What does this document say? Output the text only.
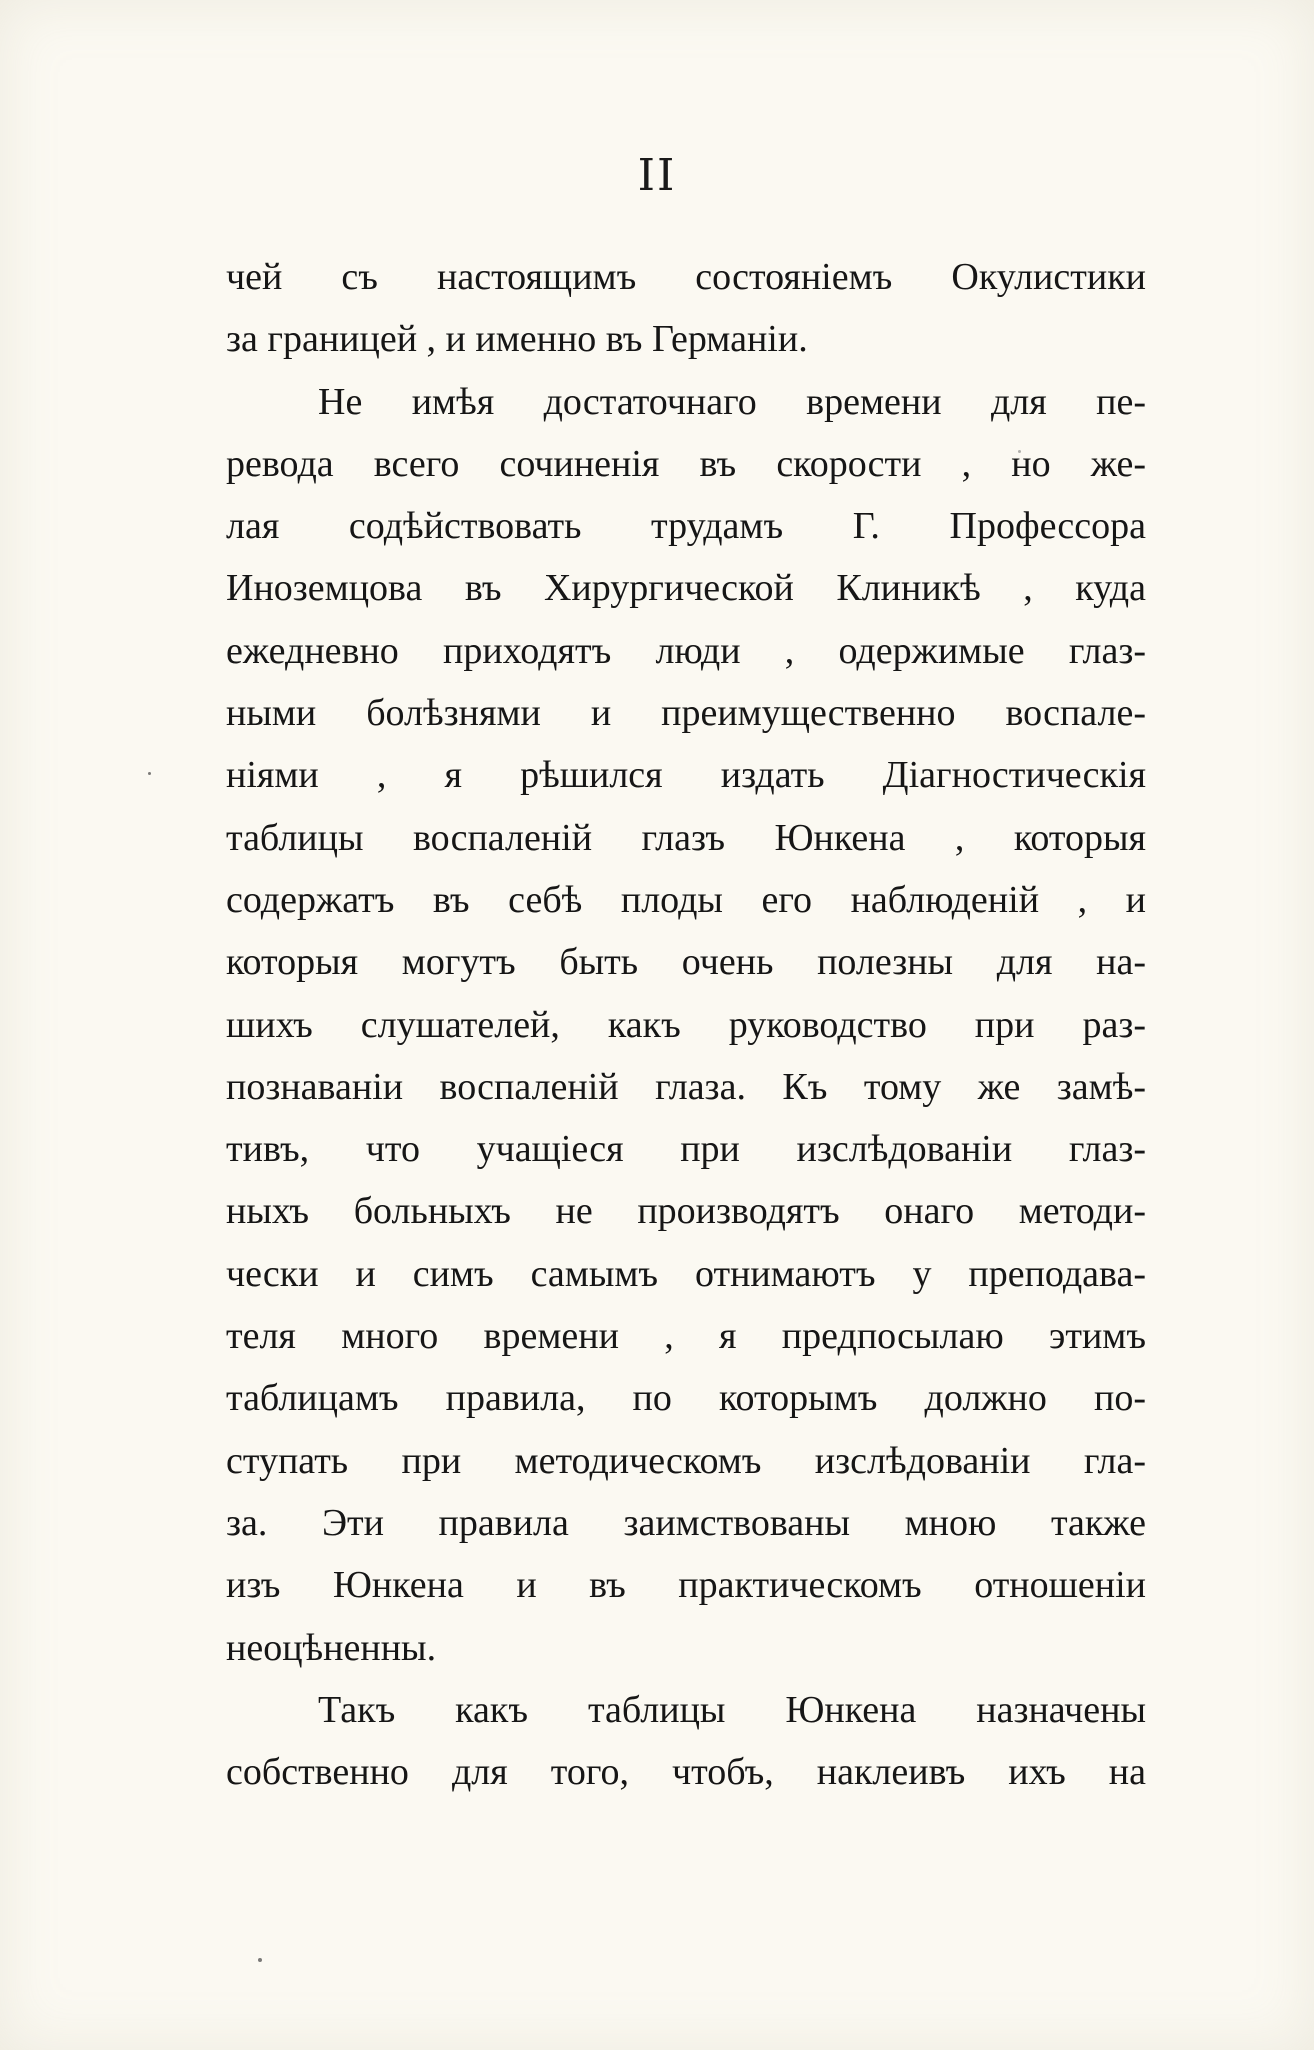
II
чей съ настоящимъ состоянiемъ Окулистики
за границей , и именно въ Германiи.
Не имѣя достаточнаго времени для пе-
ревода всего сочиненiя въ скорости , но же-
лая содѣйствовать трудамъ Г. Профессора
Иноземцова въ Хирургической Клиникѣ , куда
ежедневно приходятъ люди , одержимые глаз-
ными болѣзнями и преимущественно воспале-
нiями , я рѣшился издать Дiагностическiя
таблицы воспаленiй глазъ Юнкена , которыя
содержатъ въ себѣ плоды его наблюденiй , и
которыя могутъ быть очень полезны для на-
шихъ слушателей, какъ руководство при раз-
познаванiи воспаленiй глаза. Къ тому же замѣ-
тивъ, что учащiеся при изслѣдованiи глаз-
ныхъ больныхъ не производятъ онаго методи-
чески и симъ самымъ отнимаютъ у преподава-
теля много времени , я предпосылаю этимъ
таблицамъ правила, по которымъ должно по-
ступать при методическомъ изслѣдованiи гла-
за. Эти правила заимствованы мною также
изъ Юнкена и въ практическомъ отношенiи
неоцѣненны.
Такъ какъ таблицы Юнкена назначены
собственно для того, чтобъ, наклеивъ ихъ на
